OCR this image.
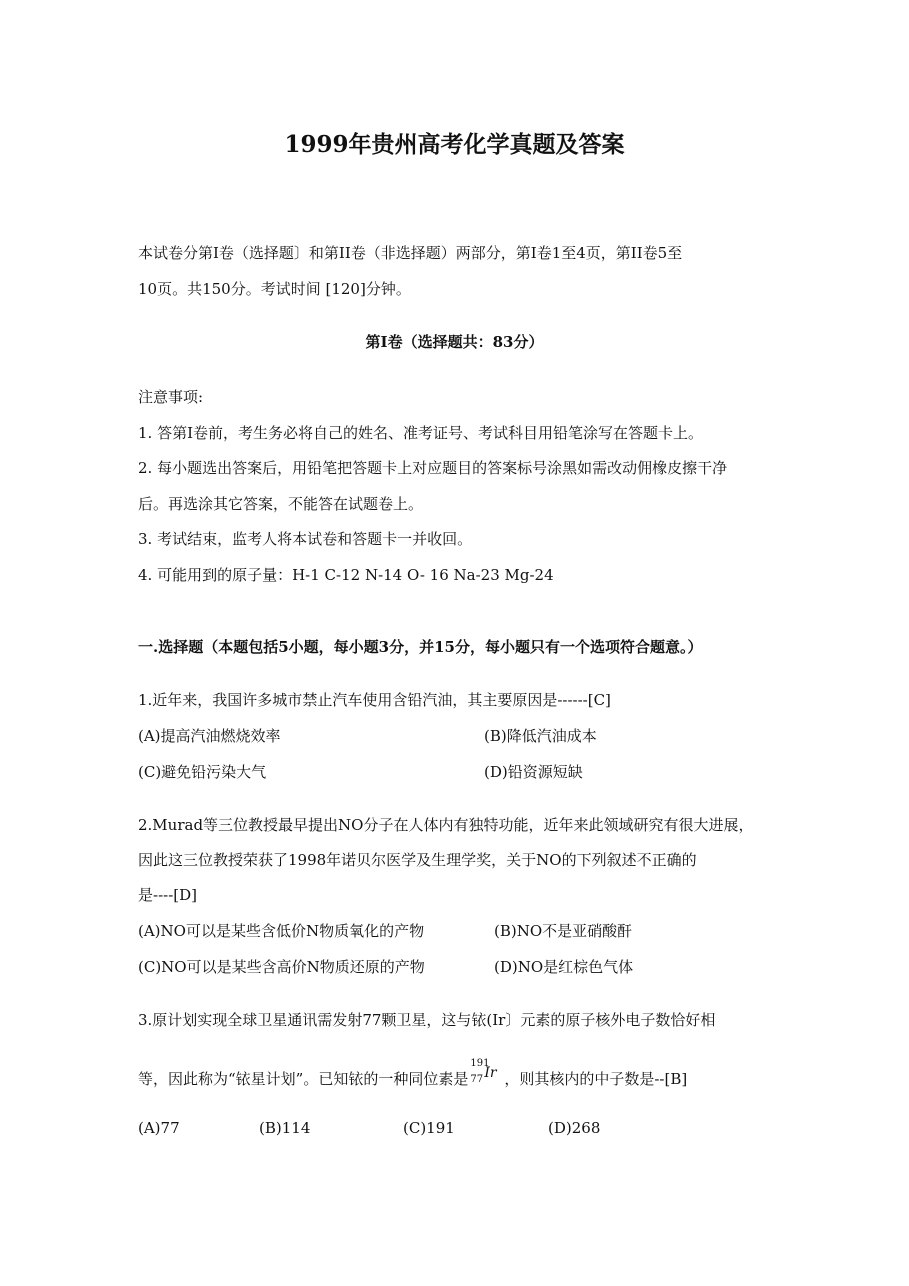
1999年贵州高考化学真题及答案
本试卷分第I卷（选择题〕和第II卷（非选择题）两部分，第I卷1至4页，第II卷5至
10页。共150分。考试时间 [120]分钟。
第I卷（选择题共：83分）
注意事项:
1. 答第I卷前，考生务必将自己的姓名、准考证号、考试科目用铅笔涂写在答题卡上。
2. 每小题选出答案后，用铅笔把答题卡上对应题目的答案标号涂黑如需改动佣橡皮擦干净
后。再选涂其它答案，不能答在试题卷上。
3. 考试结束，监考人将本试卷和答题卡一并收回。
4. 可能用到的原子量：H-1 C-12 N-14 O- 16 Na-23 Mg-24
一.选择题（本题包括5小题，每小题3分，并15分，每小题只有一个选项符合题意。）
1.近年来，我国许多城市禁止汽车使用含铅汽油，其主要原因是------[C]
(A)提高汽油燃烧效率	(B)降低汽油成本
(C)避免铅污染大气	(D)铅资源短缺
2.Murad等三位教授最早提出NO分子在人体内有独特功能，近年来此领域研究有很大进展，
因此这三位教授荣获了1998年诺贝尔医学及生理学奖，关于NO的下列叙述不正确的
是----[D]
(A)NO可以是某些含低价N物质氧化的产物	(B)NO不是亚硝酸酐
(C)NO可以是某些含高价N物质还原的产物	(D)NO是红棕色气体
3.原计划实现全球卫星通讯需发射77颗卫星，这与铱(Ir〕元素的原子核外电子数恰好相
等，因此称为“铱星计划”。已知铱的一种同位素是
191
77 Ir ，则其核内的中子数是--[B]
(A)77	(B)114	(C)191	(D)268
